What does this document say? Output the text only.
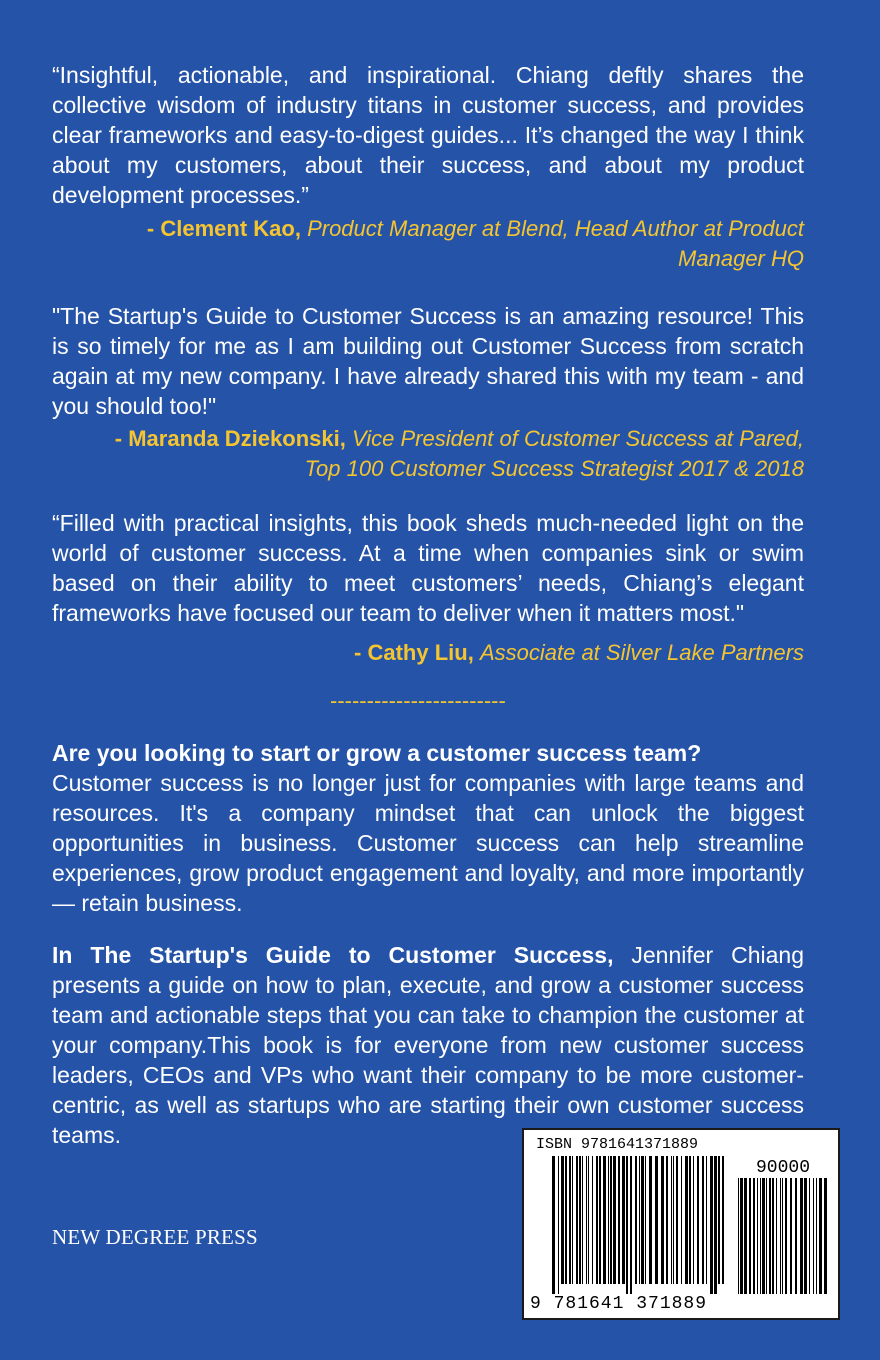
“Insightful, actionable, and inspirational. Chiang deftly shares the collective wisdom of industry titans in customer success, and provides clear frameworks and easy-to-digest guides... It’s changed the way I think about my customers, about their success, and about my product development processes.”

- Clement Kao, Product Manager at Blend, Head Author at Product Manager HQ

"The Startup's Guide to Customer Success is an amazing resource! This is so timely for me as I am building out Customer Success from scratch again at my new company. I have already shared this with my team - and you should too!"

- Maranda Dziekonski, Vice President of Customer Success at Pared, Top 100 Customer Success Strategist 2017 & 2018

“Filled with practical insights, this book sheds much-needed light on the world of customer success. At a time when companies sink or swim based on their ability to meet customers’ needs, Chiang’s elegant frameworks have focused our team to deliver when it matters most."

- Cathy Liu, Associate at Silver Lake Partners

------------------------

Are you looking to start or grow a customer success team?

Customer success is no longer just for companies with large teams and resources. It's a company mindset that can unlock the biggest opportunities in business. Customer success can help streamline experiences, grow product engagement and loyalty, and more importantly — retain business.

In The Startup's Guide to Customer Success, Jennifer Chiang presents a guide on how to plan, execute, and grow a customer success team and actionable steps that you can take to champion the customer at your company.This book is for everyone from new customer success leaders, CEOs and VPs who want their company to be more customer-centric, as well as startups who are starting their own customer success teams.

NEW DEGREE PRESS

ISBN 9781641371889
90000
9 781641 371889
